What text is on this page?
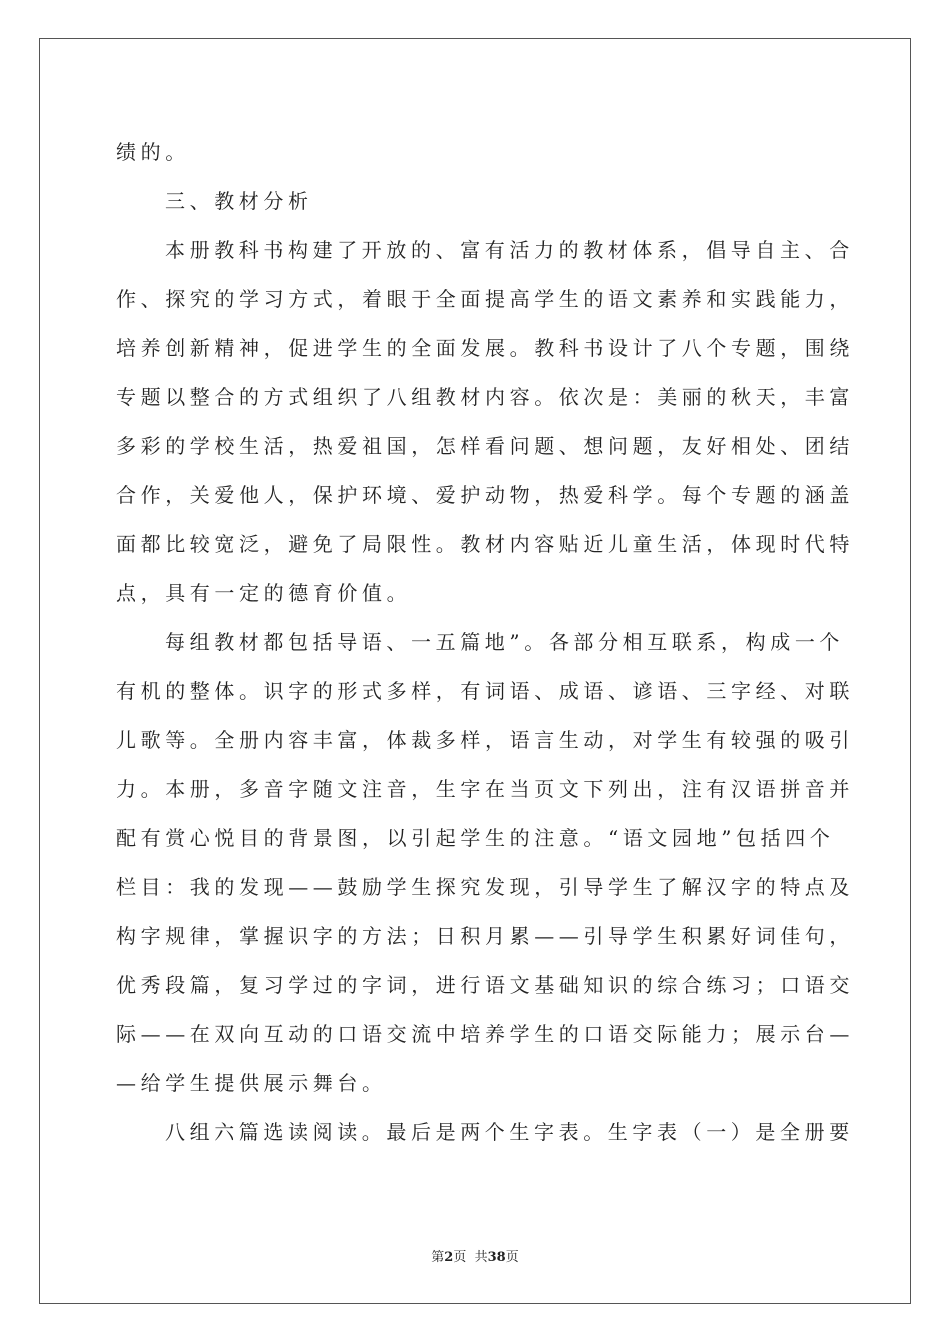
绩的。

三、教材分析

本册教科书构建了开放的、富有活力的教材体系，倡导自主、合

作、探究的学习方式，着眼于全面提高学生的语文素养和实践能力，

培养创新精神，促进学生的全面发展。教科书设计了八个专题，围绕

专题以整合的方式组织了八组教材内容。依次是：美丽的秋天，丰富

多彩的学校生活，热爱祖国，怎样看问题、想问题，友好相处、团结

合作，关爱他人，保护环境、爱护动物，热爱科学。每个专题的涵盖

面都比较宽泛，避免了局限性。教材内容贴近儿童生活，体现时代特

点，具有一定的德育价值。

每组教材都包括导语、一五篇地”。各部分相互联系，构成一个

有机的整体。识字的形式多样，有词语、成语、谚语、三字经、对联

儿歌等。全册内容丰富，体裁多样，语言生动，对学生有较强的吸引

力。本册，多音字随文注音，生字在当页文下列出，注有汉语拼音并

配有赏心悦目的背景图，以引起学生的注意。“语文园地”包括四个

栏目：我的发现——鼓励学生探究发现，引导学生了解汉字的特点及

构字规律，掌握识字的方法；日积月累——引导学生积累好词佳句，

优秀段篇，复习学过的字词，进行语文基础知识的综合练习；口语交

际——在双向互动的口语交流中培养学生的口语交际能力；展示台—

—给学生提供展示舞台。

八组六篇选读阅读。最后是两个生字表。生字表（一）是全册要

第2页  共38页
